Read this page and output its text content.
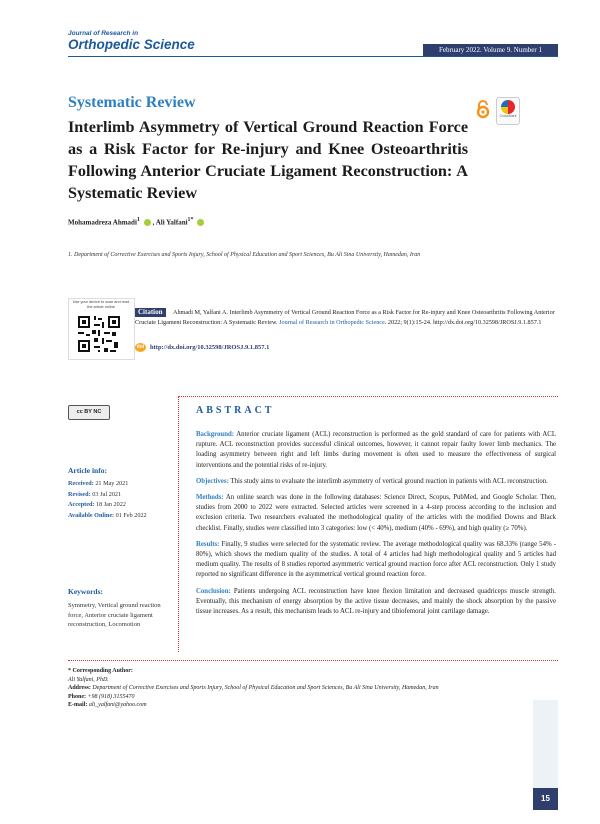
Journal of Research in
Orthopedic Science	February 2022. Volume 9. Number 1
Systematic Review
Interlimb Asymmetry of Vertical Ground Reaction Force as a Risk Factor for Re-injury and Knee Osteoarthritis Following Anterior Cruciate Ligament Reconstruction: A Systematic Review
CrossMark
Mohamadreza Ahmadi$^1$ , Ali Yalfani$^{1*}$
1. Department of Corrective Exercises and Sports Injury, School of Physical Education and Sport Sciences, Bu Ali Sina University, Hamedan, Iran
Use your device to scan and read the article online
Ahmadi M, Yalfani A. Interlimb Asymmetry of Vertical Ground Reaction Force as a Risk Factor for Re-injury and Knee Osteoarthritis Following Anterior Cruciate Ligament Reconstruction: A Systematic Review. Journal of Research in Orthopedic Science. 2022; 9(1):15-24. http://dx.doi.org/10.32598/JROSJ.9.1.857.1
Citation
doi http://dx.doi.org/10.32598/JROSJ.9.1.857.1
cc BY NC
Article info:
Received: 21 May 2021
Revised: 03 Jul 2021
Accepted: 18 Jan 2022
Available Online: 01 Feb 2022
Keywords:
Symmetry, Vertical ground reaction force, Anterior cruciate ligament reconstruction, Locomotion
ABSTRACT

Background: Anterior cruciate ligament (ACL) reconstruction is performed as the gold standard of care for patients with ACL rupture. ACL reconstruction provides successful clinical outcomes, however, it cannot repair faulty lower limb mechanics. The loading asymmetry between right and left limbs during movement is often used to measure the effectiveness of surgical interventions and the potential risks of re-injury.

Objectives: This study aims to evaluate the interlimb asymmetry of vertical ground reaction in patients with ACL reconstruction.

Methods: An online search was done in the following databases: Science Direct, Scopus, PubMed, and Google Scholar. Then, studies from 2000 to 2022 were extracted. Selected articles were screened in a 4-step process according to the inclusion and exclusion criteria. Two researchers evaluated the methodological quality of the articles with the modified Downs and Black checklist. Finally, studies were classified into 3 categories: low (< 40%), medium (40% - 69%), and high quality (≥ 70%).

Results: Finally, 9 studies were selected for the systematic review. The average methodological quality was 68.33% (range 54% - 80%), which shows the medium quality of the studies. A total of 4 articles had high methodological quality and 5 articles had medium quality. The results of 8 studies reported asymmetric vertical ground reaction force after ACL reconstruction. Only 1 study reported no significant difference in the asymmetrical vertical ground reaction force.

Conclusion: Patients undergoing ACL reconstruction have knee flexion limitation and decreased quadriceps muscle strength. Eventually, this mechanism of energy absorption by the active tissue decreases, and mainly the shock absorption by the passive tissue increases. As a result, this mechanism leads to ACL re-injury and tibiofemoral joint cartilage damage.

* Corresponding Author:
Ali Yalfani, PhD.
Address: Department of Corrective Exercises and Sports Injury, School of Physical Education and Sport Sciences, Bu Ali Sina University, Hamedan, Iran
Phone: +98 (918) 3155470
E-mail: ali_yalfani@yahoo.com
15
